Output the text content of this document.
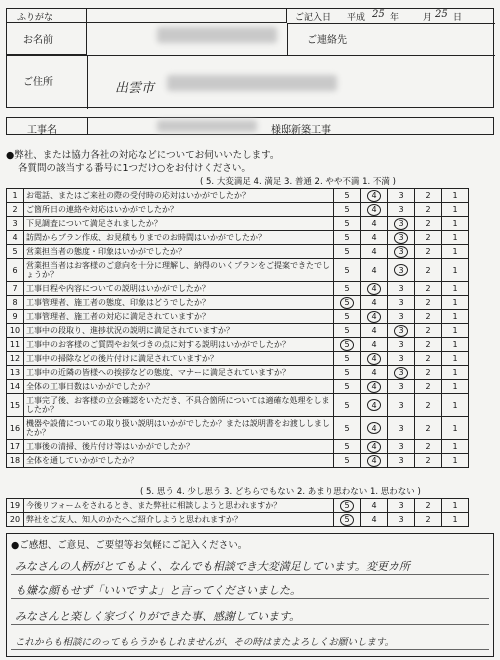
ふりがな	ご記入日 平成 25 年	月 25 日
お名前	ご連絡先
ご住所	出雲市
工事名	様邸新築工事
●弊社、または協力各社の対応などについてお伺いいたします。
各質問の該当する番号に1つだけ○をお付けください。
( 5. 大変満足 4. 満足 3. 普通 2. やや不満 1. 不満 )
1	お電話、またはご来社の際の受付時の応対はいかがでしたか？	5	4	3	2	1
2	ご箇所日の連絡や対応はいかがでしたか？	5	4	3	2	1
3	下見調査について満足されましたか？	5	4	3	2	1
4	訪問からプラン作成、お見積もりまでのお時間はいかがでしたか？	5	4	3	2	1
5	営業担当者の態度・印象はいかがでしたか？	5	4	3	2	1
6	営業担当者はお客様のご意向を十分に理解し、納得のいくプランをご提案できたでしょうか？	5	4	3	2	1
7	工事日程や内容についての説明はいかがでしたか？	5	4	3	2	1
8	工事管理者、施工者の態度、印象はどうでしたか？	5	4	3	2	1
9	工事管理者、施工者の対応に満足されていますか？	5	4	3	2	1
10	工事中の段取り、進捗状況の説明に満足されていますか？	5	4	3	2	1
11	工事中のお客様のご質問やお気づきの点に対する説明はいかがでしたか？	5	4	3	2	1
12	工事中の掃除などの後片付けに満足されていますか？	5	4	3	2	1
13	工事中の近隣の皆様への挨拶などの態度、マナーに満足されていますか？	5	4	3	2	1
14	全体の工事日数はいかがでしたか？	5	4	3	2	1
15	工事完了後、お客様の立会確認をいただき、不具合箇所については適確な処理をしましたか？	5	4	3	2	1
16	機器や設備についての取り扱い説明はいかがでしたか？または説明書をお渡ししましたか？	5	4	3	2	1
17	工事後の清掃、後片付け等はいかがでしたか？	5	4	3	2	1
18	全体を通していかがでしたか？	5	4	3	2	1
( 5. 思う 4. 少し思う 3. どちらでもない 2. あまり思わない 1. 思わない )
19	今後リフォームをされるとき、また弊社に相談しようと思われますか？	5	4	3	2	1
20	弊社をご友人、知人のかたへご紹介しようと思われますか？	5	4	3	2	1
●ご感想、ご意見、ご要望等お気軽にご記入ください。
みなさんの人柄がとてもよく、なんでも相談でき大変満足しています。変更カ所
も嫌な顔もせず「いいですよ」と言ってくださいました。
みなさんと楽しく家づくりができた事、感謝しています。
これからも相談にのってもらうかもしれませんが、その時はまたよろしくお願いします。
